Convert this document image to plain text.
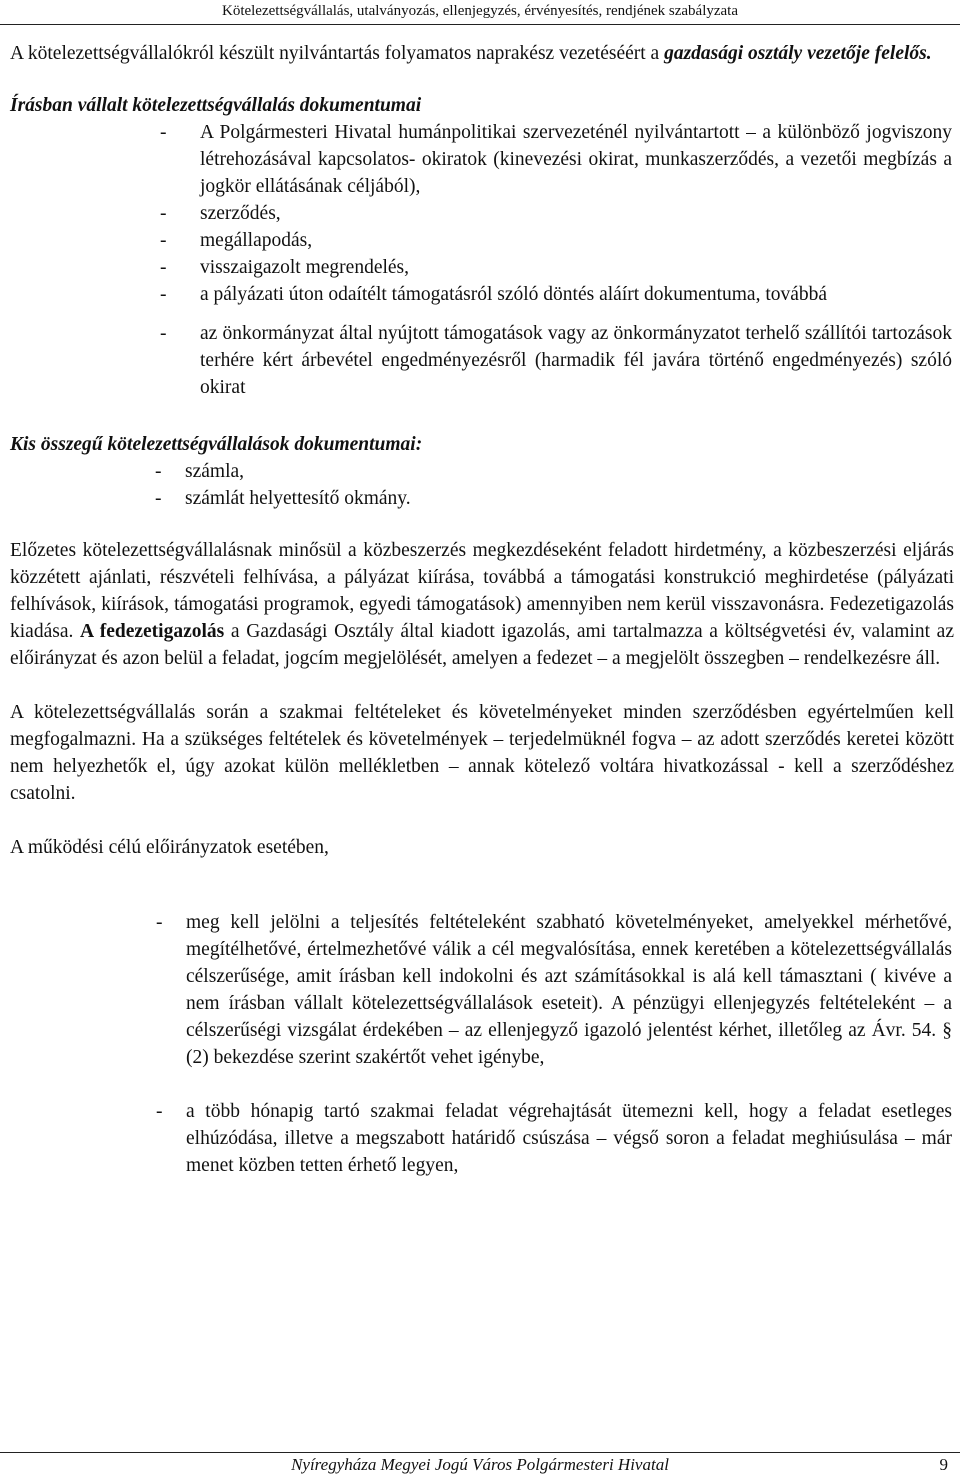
Kötelezettségvállalás, utalványozás, ellenjegyzés, érvényesítés, rendjének szabályzata

A kötelezettségvállalókról készült nyilvántartás folyamatos naprakész vezetéséért a gazdasági osztály vezetője felelős.

Írásban vállalt kötelezettségvállalás dokumentumai

- A Polgármesteri Hivatal humánpolitikai szervezeténél nyilvántartott – a különböző jogviszony létrehozásával kapcsolatos- okiratok (kinevezési okirat, munkaszerződés, a vezetői megbízás a jogkör ellátásának céljából),
- szerződés,
- megállapodás,
- visszaigazolt megrendelés,
- a pályázati úton odaítélt támogatásról szóló döntés aláírt dokumentuma, továbbá
- az önkormányzat által nyújtott támogatások vagy az önkormányzatot terhelő szállítói tartozások terhére kért árbevétel engedményezésről (harmadik fél javára történő engedményezés) szóló okirat

Kis összegű kötelezettségvállalások dokumentumai:

- számla,
- számlát helyettesítő okmány.

Előzetes kötelezettségvállalásnak minősül a közbeszerzés megkezdéseként feladott hirdetmény, a közbeszerzési eljárás közzétett ajánlati, részvételi felhívása, a pályázat kiírása, továbbá a támogatási konstrukció meghirdetése (pályázati felhívások, kiírások, támogatási programok, egyedi támogatások) amennyiben nem kerül visszavonásra. Fedezetigazolás kiadása. A fedezetigazolás a Gazdasági Osztály által kiadott igazolás, ami tartalmazza a költségvetési év, valamint az előirányzat és azon belül a feladat, jogcím megjelölését, amelyen a fedezet – a megjelölt összegben – rendelkezésre áll.

A kötelezettségvállalás során a szakmai feltételeket és követelményeket minden szerződésben egyértelműen kell megfogalmazni. Ha a szükséges feltételek és követelmények – terjedelmüknél fogva – az adott szerződés keretei között nem helyezhetők el, úgy azokat külön mellékletben – annak kötelező voltára hivatkozással - kell a szerződéshez csatolni.

A működési célú előirányzatok esetében,

- meg kell jelölni a teljesítés feltételeként szabható követelményeket, amelyekkel mérhetővé, megítélhetővé, értelmezhetővé válik a cél megvalósítása, ennek keretében a kötelezettségvállalás célszerűsége, amit írásban kell indokolni és azt számításokkal is alá kell támasztani ( kivéve a nem írásban vállalt kötelezettségvállalások eseteit). A pénzügyi ellenjegyzés feltételeként – a célszerűségi vizsgálat érdekében – az ellenjegyző igazoló jelentést kérhet, illetőleg az Ávr. 54. § (2) bekezdése szerint szakértőt vehet igénybe,
- a több hónapig tartó szakmai feladat végrehajtását ütemezni kell, hogy a feladat esetleges elhúzódása, illetve a megszabott határidő csúszása – végső soron a feladat meghiúsulása – már menet közben tetten érhető legyen,
Nyíregyháza Megyei Jogú Város Polgármesteri Hivatal	9
